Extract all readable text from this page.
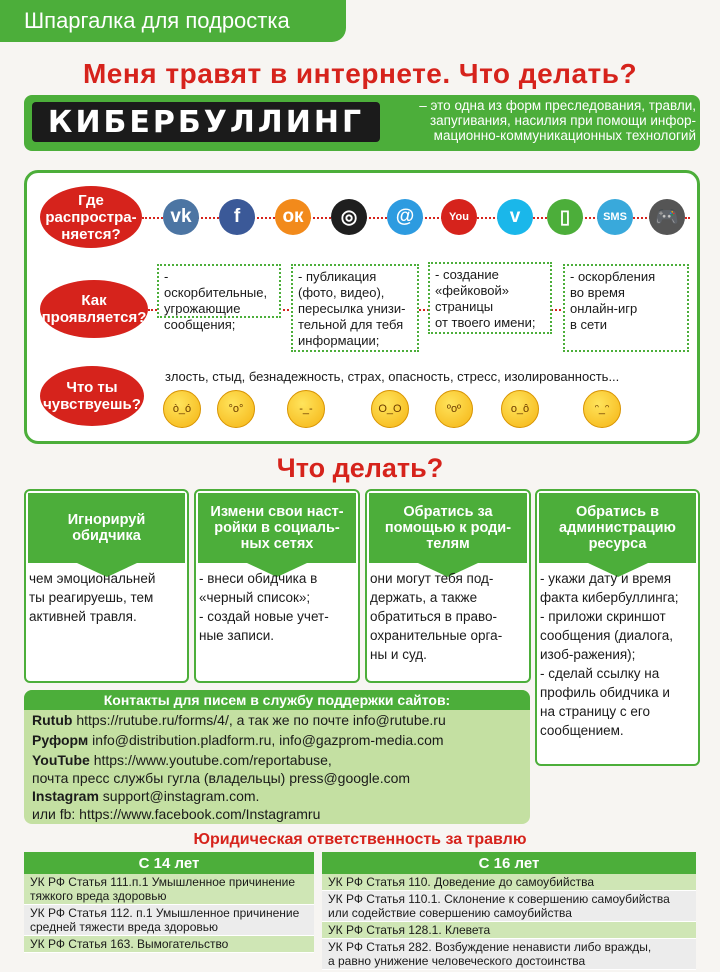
Шпаргалка для подростка
Меня травят в интернете. Что делать?
КИБЕРБУЛЛИНГ	– это одна из форм преследования, травли,
запугивания, насилия при помощи инфор-
мационно-коммуникационных технологий
Где
распростра-
няется?
vk	f	ок	◎	@	You	v	▯	SMS	🎮
Как
проявляется?
- оскорбительные,
угрожающие
сообщения;
- публикация
(фото, видео),
пересылка унизи-
тельной для тебя
информации;
- создание
«фейковой»
страницы
от твоего имени;
- оскорбления
во время
онлайн-игр
в сети
Что ты
чувствуешь?
злость, стыд, безнадежность, страх, опасность, стресс, изолированность...
ò_ó	°o°	-_-	O_O	ºoº	o_ô	ᵔ_ᵔ
Что делать?
Игнорируй
обидчика
чем эмоциональней
ты реагируешь, тем
активней травля.
Измени свои наст-
ройки в социаль-
ных сетях
- внеси обидчика в
«черный список»;
- создай новые учет-
ные записи.
Обратись за
помощью к роди-
телям
они могут тебя под-
держать, а также
обратиться в право-
охранительные орга-
ны и суд.
Обратись в
администрацию
ресурса
- укажи дату и время
факта кибербуллинга;
- приложи скриншот
сообщения (диалога,
изоб-ражения);
- сделай ссылку на
профиль обидчика и
на страницу с его
сообщением.
Контакты для писем в службу поддержки сайтов:
Rutub https://rutube.ru/forms/4/, а так же по почте info@rutube.ru
Руформ info@distribution.pladform.ru, info@gazprom-media.com
YouTube https://www.youtube.com/reportabuse,
почта пресс службы гугла (владельцы) press@google.com
Instagram support@instagram.com.
или fb: https://www.facebook.com/Instagramru
Юридическая ответственность за травлю
С 14 лет
УК РФ Статья 111.п.1 Умышленное причинение
тяжкого вреда здоровью
УК РФ Статья 112. п.1 Умышленное причинение
средней тяжести вреда здоровью
УК РФ Статья 163. Вымогательство
С 16 лет
УК РФ Статья 110. Доведение до самоубийства
УК РФ Статья 110.1. Склонение к совершению самоубийства
или содействие совершению самоубийства
УК РФ Статья 128.1. Клевета
УК РФ Статья 282. Возбуждение ненависти либо вражды,
а равно унижение человеческого достоинства
